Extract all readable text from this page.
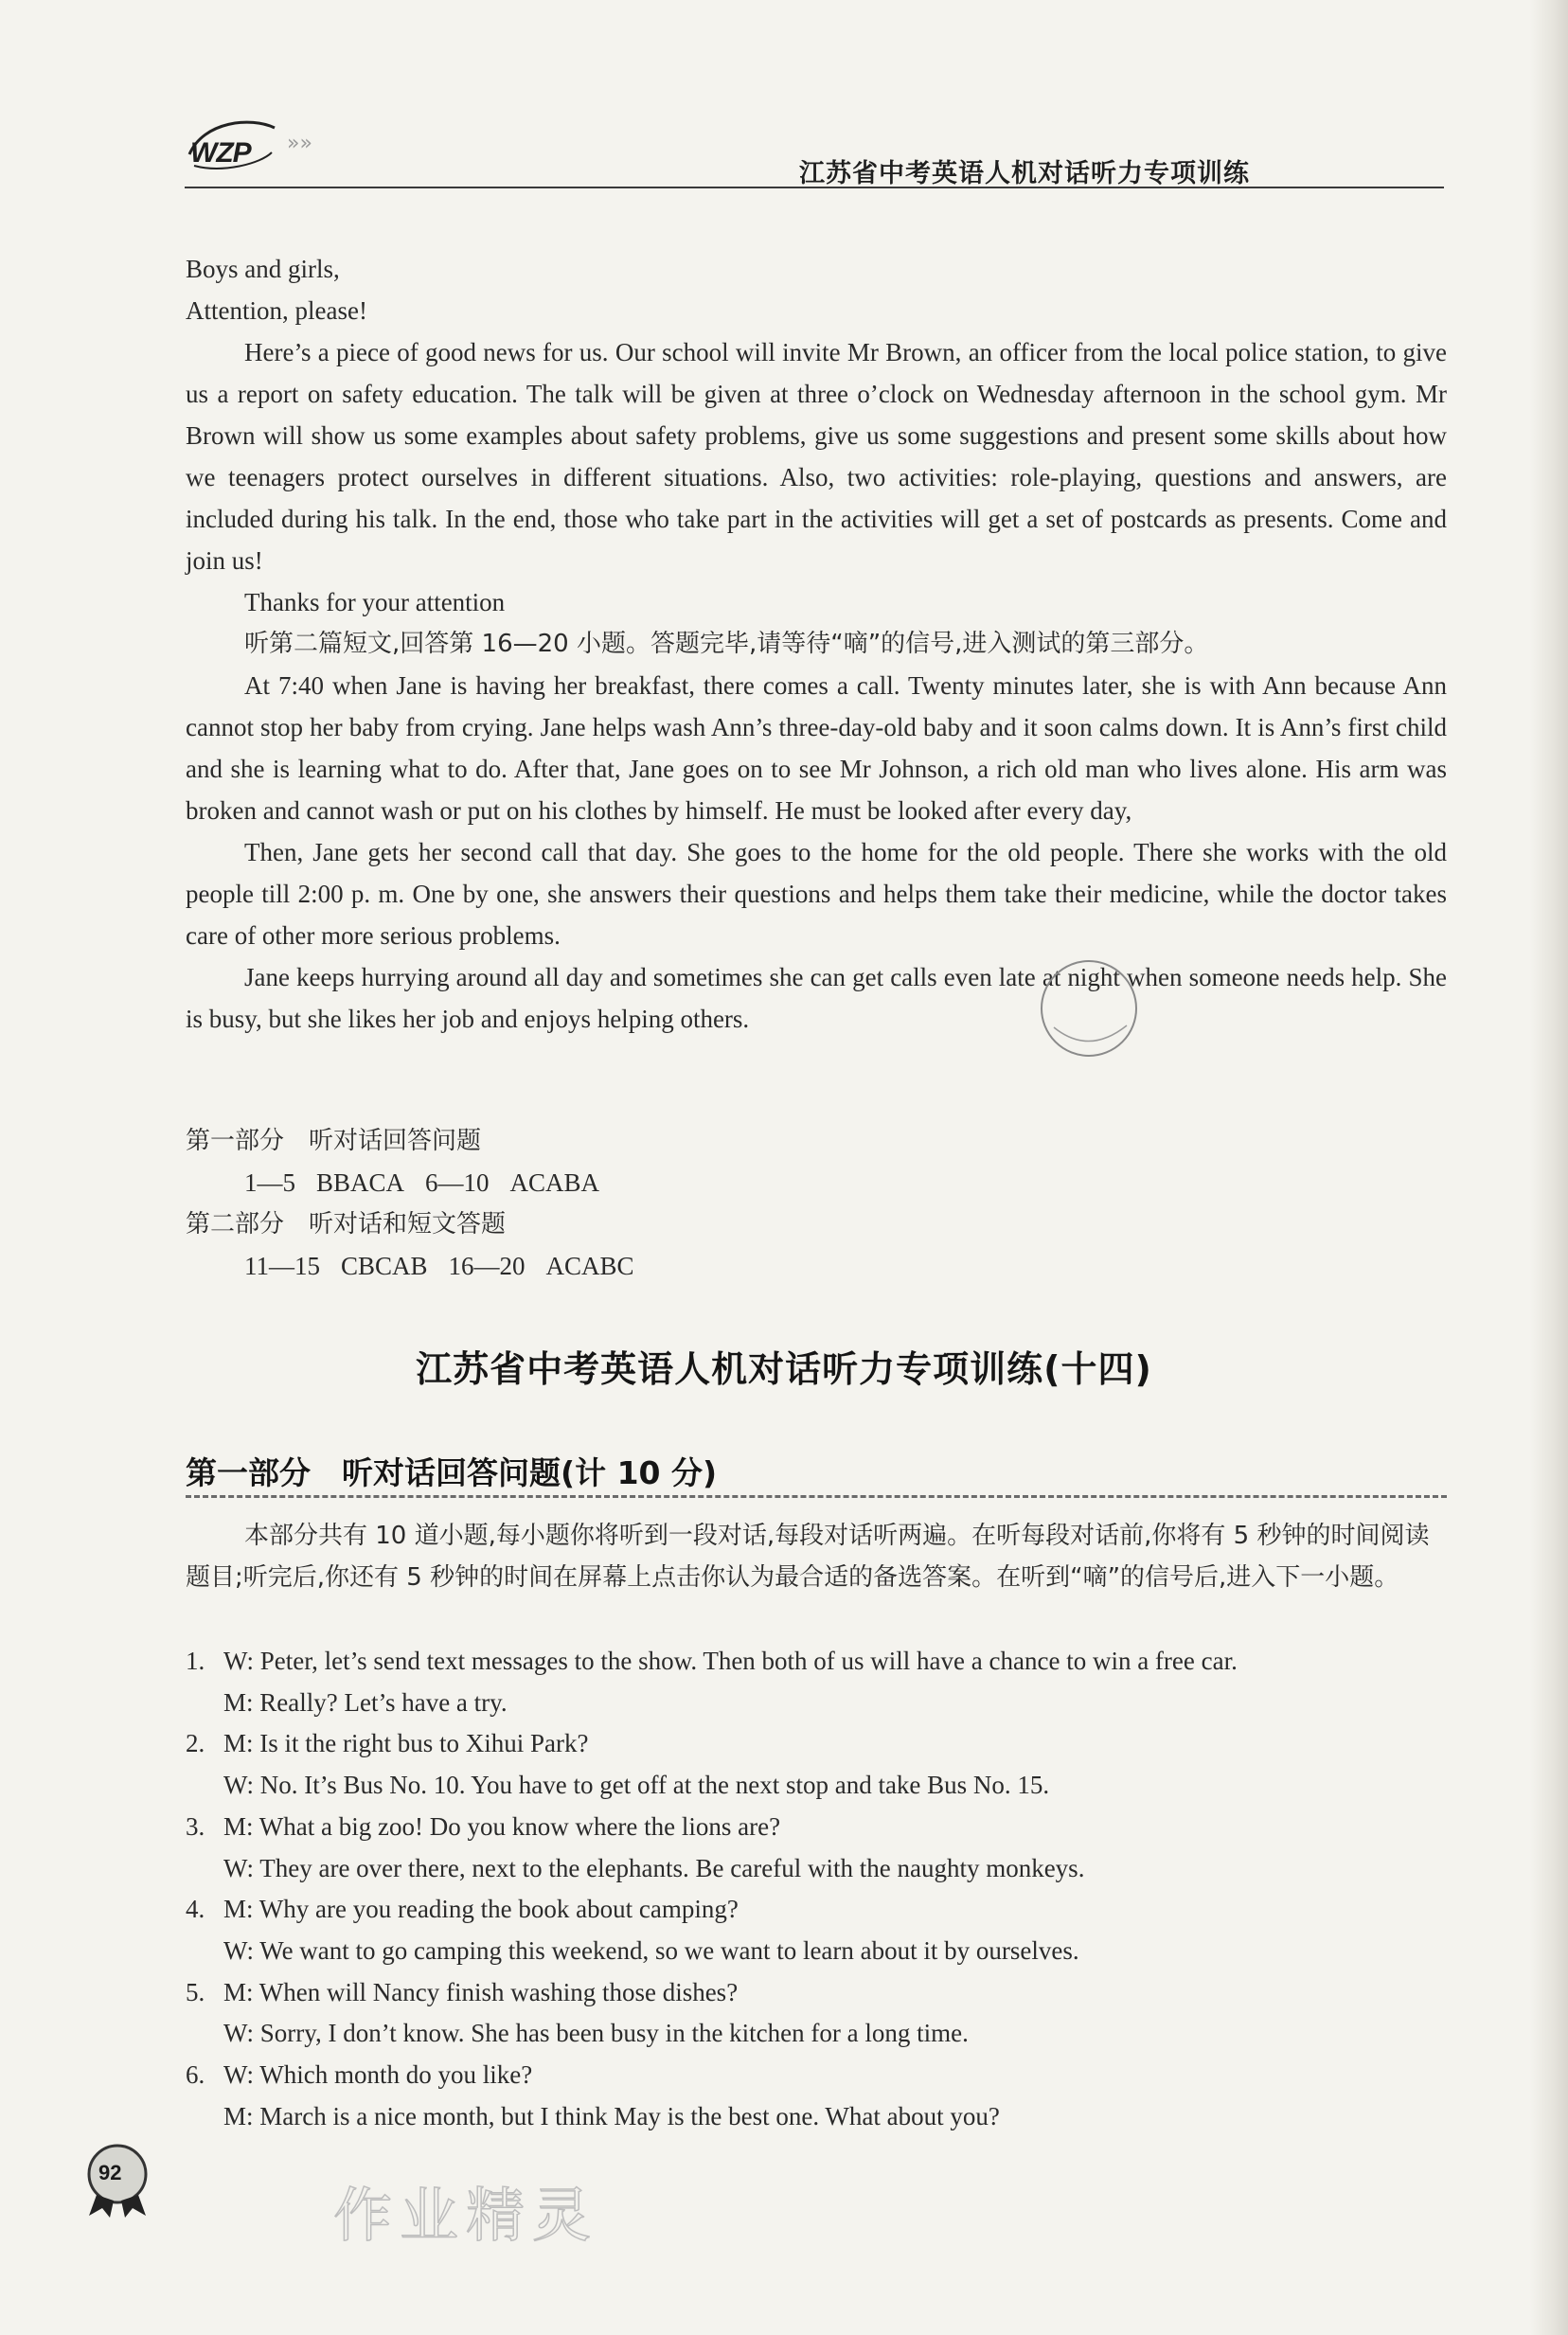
WZP »»
江苏省中考英语人机对话听力专项训练

Boys and girls,

Attention, please!

Here’s a piece of good news for us. Our school will invite Mr Brown, an officer from the local police station, to give us a report on safety education. The talk will be given at three o’clock on Wednesday afternoon in the school gym. Mr Brown will show us some examples about safety problems, give us some suggestions and present some skills about how we teenagers protect ourselves in different situations. Also, two activities: role-playing, questions and answers, are included during his talk. In the end, those who take part in the activities will get a set of postcards as presents. Come and join us!

Thanks for your attention

听第二篇短文,回答第 16—20 小题。答题完毕,请等待“嘀”的信号,进入测试的第三部分。

At 7:40 when Jane is having her breakfast, there comes a call. Twenty minutes later, she is with Ann because Ann cannot stop her baby from crying. Jane helps wash Ann’s three-day-old baby and it soon calms down. It is Ann’s first child and she is learning what to do. After that, Jane goes on to see Mr Johnson, a rich old man who lives alone. His arm was broken and cannot wash or put on his clothes by himself. He must be looked after every day,

Then, Jane gets her second call that day. She goes to the home for the old people. There she works with the old people till 2:00 p. m. One by one, she answers their questions and helps them take their medicine, while the doctor takes care of other more serious problems.

Jane keeps hurrying around all day and sometimes she can get calls even late at night when someone needs help. She is busy, but she likes her job and enjoys helping others.

第一部分　听对话回答问题
1—5 BBACA 6—10 ACABA
第二部分　听对话和短文答题
11—15 CBCAB 16—20 ACABC
江苏省中考英语人机对话听力专项训练(十四)
第一部分　听对话回答问题(计 10 分)

本部分共有 10 道小题,每小题你将听到一段对话,每段对话听两遍。在听每段对话前,你将有 5 秒钟的时间阅读题目;听完后,你还有 5 秒钟的时间在屏幕上点击你认为最合适的备选答案。在听到“嘀”的信号后,进入下一小题。

1. W: Peter, let’s send text messages to the show. Then both of us will have a chance to win a free car.
M: Really? Let’s have a try.
2. M: Is it the right bus to Xihui Park?
W: No. It’s Bus No. 10. You have to get off at the next stop and take Bus No. 15.
3. M: What a big zoo! Do you know where the lions are?
W: They are over there, next to the elephants. Be careful with the naughty monkeys.
4. M: Why are you reading the book about camping?
W: We want to go camping this weekend, so we want to learn about it by ourselves.
5. M: When will Nancy finish washing those dishes?
W: Sorry, I don’t know. She has been busy in the kitchen for a long time.
6. W: Which month do you like?
M: March is a nice month, but I think May is the best one. What about you?
92
作业精灵
